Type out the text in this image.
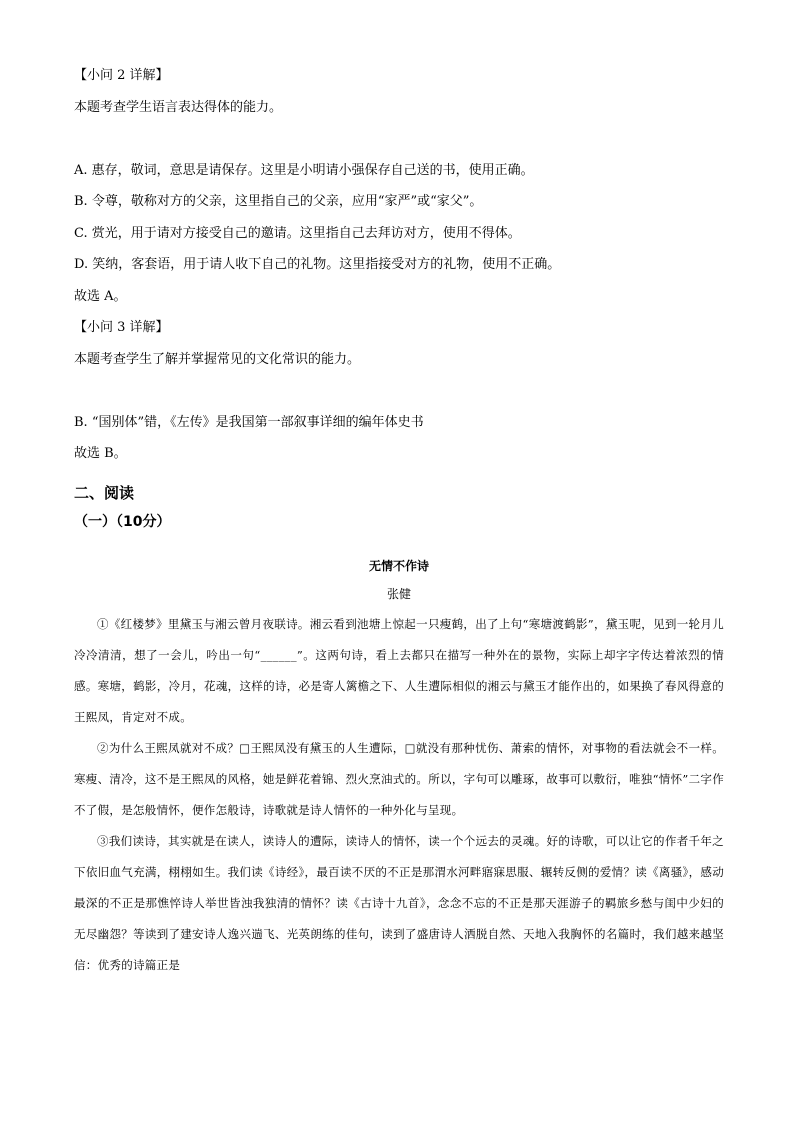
【小问 2 详解】
本题考查学生语言表达得体的能力。
A. 惠存，敬词，意思是请保存。这里是小明请小强保存自己送的书，使用正确。
B. 令尊，敬称对方的父亲，这里指自己的父亲，应用“家严”或“家父”。
C. 赏光，用于请对方接受自己的邀请。这里指自己去拜访对方，使用不得体。
D. 笑纳，客套语，用于请人收下自己的礼物。这里指接受对方的礼物，使用不正确。
故选 A。
【小问 3 详解】
本题考查学生了解并掌握常见的文化常识的能力。
B. “国别体”错，《左传》是我国第一部叙事详细的编年体史书
故选 B。
二、阅读
（一）（10分）
无情不作诗
张健

①《红楼梦》里黛玉与湘云曾月夜联诗。湘云看到池塘上惊起一只瘦鹤，出了上句“寒塘渡鹤影”，黛玉呢，见到一轮月儿冷冷清清，想了一会儿，吟出一句“______”。这两句诗，看上去都只在描写一种外在的景物，实际上却字字传达着浓烈的情感。寒塘，鹤影，冷月，花魂，这样的诗，必是寄人篱檐之下、人生遭际相似的湘云与黛玉才能作出的，如果换了春风得意的王熙凤，肯定对不成。

②为什么王熙凤就对不成？□王熙凤没有黛玉的人生遭际，□就没有那种忧伤、萧索的情怀，对事物的看法就会不一样。寒瘦、清冷，这不是王熙凤的风格，她是鲜花着锦、烈火烹油式的。所以，字句可以雕琢，故事可以敷衍，唯独“情怀”二字作不了假，是怎般情怀，便作怎般诗，诗歌就是诗人情怀的一种外化与呈现。

③我们读诗，其实就是在读人，读诗人的遭际，读诗人的情怀，读一个个远去的灵魂。好的诗歌，可以让它的作者千年之下依旧血气充满，栩栩如生。我们读《诗经》，最百读不厌的不正是那渭水河畔寤寐思服、辗转反侧的爱情？读《离骚》，感动最深的不正是那憔悴诗人举世皆浊我独清的情怀？读《古诗十九首》，念念不忘的不正是那天涯游子的羁旅乡愁与闺中少妇的无尽幽怨？等读到了建安诗人逸兴遄飞、光英朗练的佳句，读到了盛唐诗人洒脱自然、天地入我胸怀的名篇时，我们越来越坚信：优秀的诗篇正是
